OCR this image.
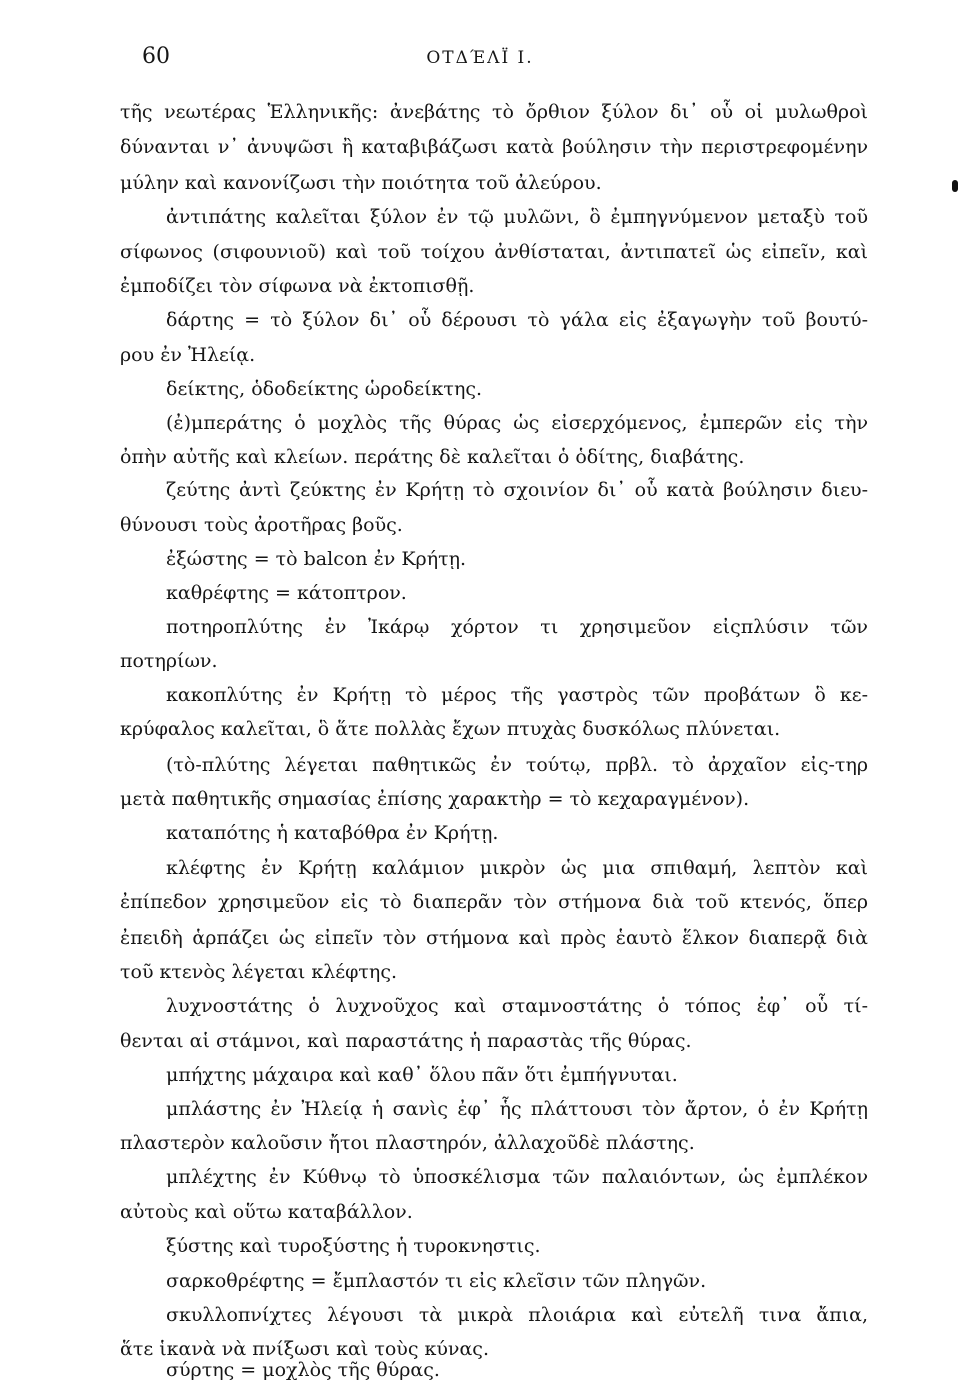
60	ΟΤΔΈΛΪ Ι.
τῆς νεωτέρας Ἑλληνικῆς: ἀνεβάτης τὸ ὄρθιον ξύλον δι᾽ οὗ οἱ μυλωθροὶ
δύνανται ν᾽ ἀνυψῶσι ἢ καταβιβάζωσι κατὰ βούλησιν τὴν περιστρεφομένην
μύλην καὶ κανονίζωσι τὴν ποιότητα τοῦ ἀλεύρου.
ἀντιπάτης καλεῖται ξύλον ἐν τῷ μυλῶνι, ὃ ἐμπηγνύμενον μεταξὺ τοῦ
σίφωνος (σιφουνιοῦ) καὶ τοῦ τοίχου ἀνθίσταται, ἀντιπατεῖ ὡς εἰπεῖν, καὶ
ἐμποδίζει τὸν σίφωνα νὰ ἐκτοπισθῇ.
δάρτης = τὸ ξύλον δι᾽ οὗ δέρουσι τὸ γάλα εἰς ἐξαγωγὴν τοῦ βουτύ-
ρου ἐν Ἠλείᾳ.
δείκτης, ὁδοδείκτης ὡροδείκτης.
(ἐ)μπεράτης ὁ μοχλὸς τῆς θύρας ὡς εἰσερχόμενος, ἐμπερῶν εἰς τὴν
ὀπὴν αὐτῆς καὶ κλείων. περάτης δὲ καλεῖται ὁ ὁδίτης, διαβάτης.
ζεύτης ἀντὶ ζεύκτης ἐν Κρήτῃ τὸ σχοινίον δι᾽ οὗ κατὰ βούλησιν διευ-
θύνουσι τοὺς ἀροτῆρας βοῦς.
ἐξώστης = τὸ balcon ἐν Κρήτῃ.
καθρέφτης = κάτοπτρον.
ποτηροπλύτης ἐν Ἰκάρῳ χόρτον τι χρησιμεῦον εἰςπλύσιν τῶν
ποτηρίων.
κακοπλύτης ἐν Κρήτῃ τὸ μέρος τῆς γαστρὸς τῶν προβάτων ὃ κε-
κρύφαλος καλεῖται, ὃ ἅτε πολλὰς ἔχων πτυχὰς δυσκόλως πλύνεται.
(τὸ-πλύτης λέγεται παθητικῶς ἐν τούτῳ, πρβλ. τὸ ἀρχαῖον εἰς-τηρ
μετὰ παθητικῆς σημασίας ἐπίσης χαρακτὴρ = τὸ κεχαραγμένον).
καταπότης ἡ καταβόθρα ἐν Κρήτῃ.
κλέφτης ἐν Κρήτῃ καλάμιον μικρὸν ὡς μια σπιθαμή, λεπτὸν καὶ
ἐπίπεδον χρησιμεῦον εἰς τὸ διαπερᾶν τὸν στήμονα διὰ τοῦ κτενός, ὅπερ
ἐπειδὴ ἁρπάζει ὡς εἰπεῖν τὸν στήμονα καὶ πρὸς ἑαυτὸ ἕλκον διαπερᾷ διὰ
τοῦ κτενὸς λέγεται κλέφτης.
λυχνοστάτης ὁ λυχνοῦχος καὶ σταμνοστάτης ὁ τόπος ἐφ᾽ οὗ τί-
θενται αἱ στάμνοι, καὶ παραστάτης ἡ παραστὰς τῆς θύρας.
μπήχτης μάχαιρα καὶ καθ᾽ ὅλου πᾶν ὅτι ἐμπήγνυται.
μπλάστης ἐν Ἠλείᾳ ἡ σανὶς ἐφ᾽ ἧς πλάττουσι τὸν ἄρτον, ὁ ἐν Κρήτῃ
πλαστερὸν καλοῦσιν ἤτοι πλαστηρόν, ἀλλαχοῦδὲ πλάστης.
μπλέχτης ἐν Κύθνῳ τὸ ὑποσκέλισμα τῶν παλαιόντων, ὡς ἐμπλέκον
αὐτοὺς καὶ οὕτω καταβάλλον.
ξύστης καὶ τυροξύστης ἡ τυροκνηστις.
σαρκοθρέφτης = ἔμπλαστόν τι εἰς κλεῖσιν τῶν πληγῶν.
σκυλλοπνίχτες λέγουσι τὰ μικρὰ πλοιάρια καὶ εὐτελῆ τινα ἄπια,
ἅτε ἱκανὰ νὰ πνίξωσι καὶ τοὺς κύνας.
σύρτης = μοχλὸς τῆς θύρας.
